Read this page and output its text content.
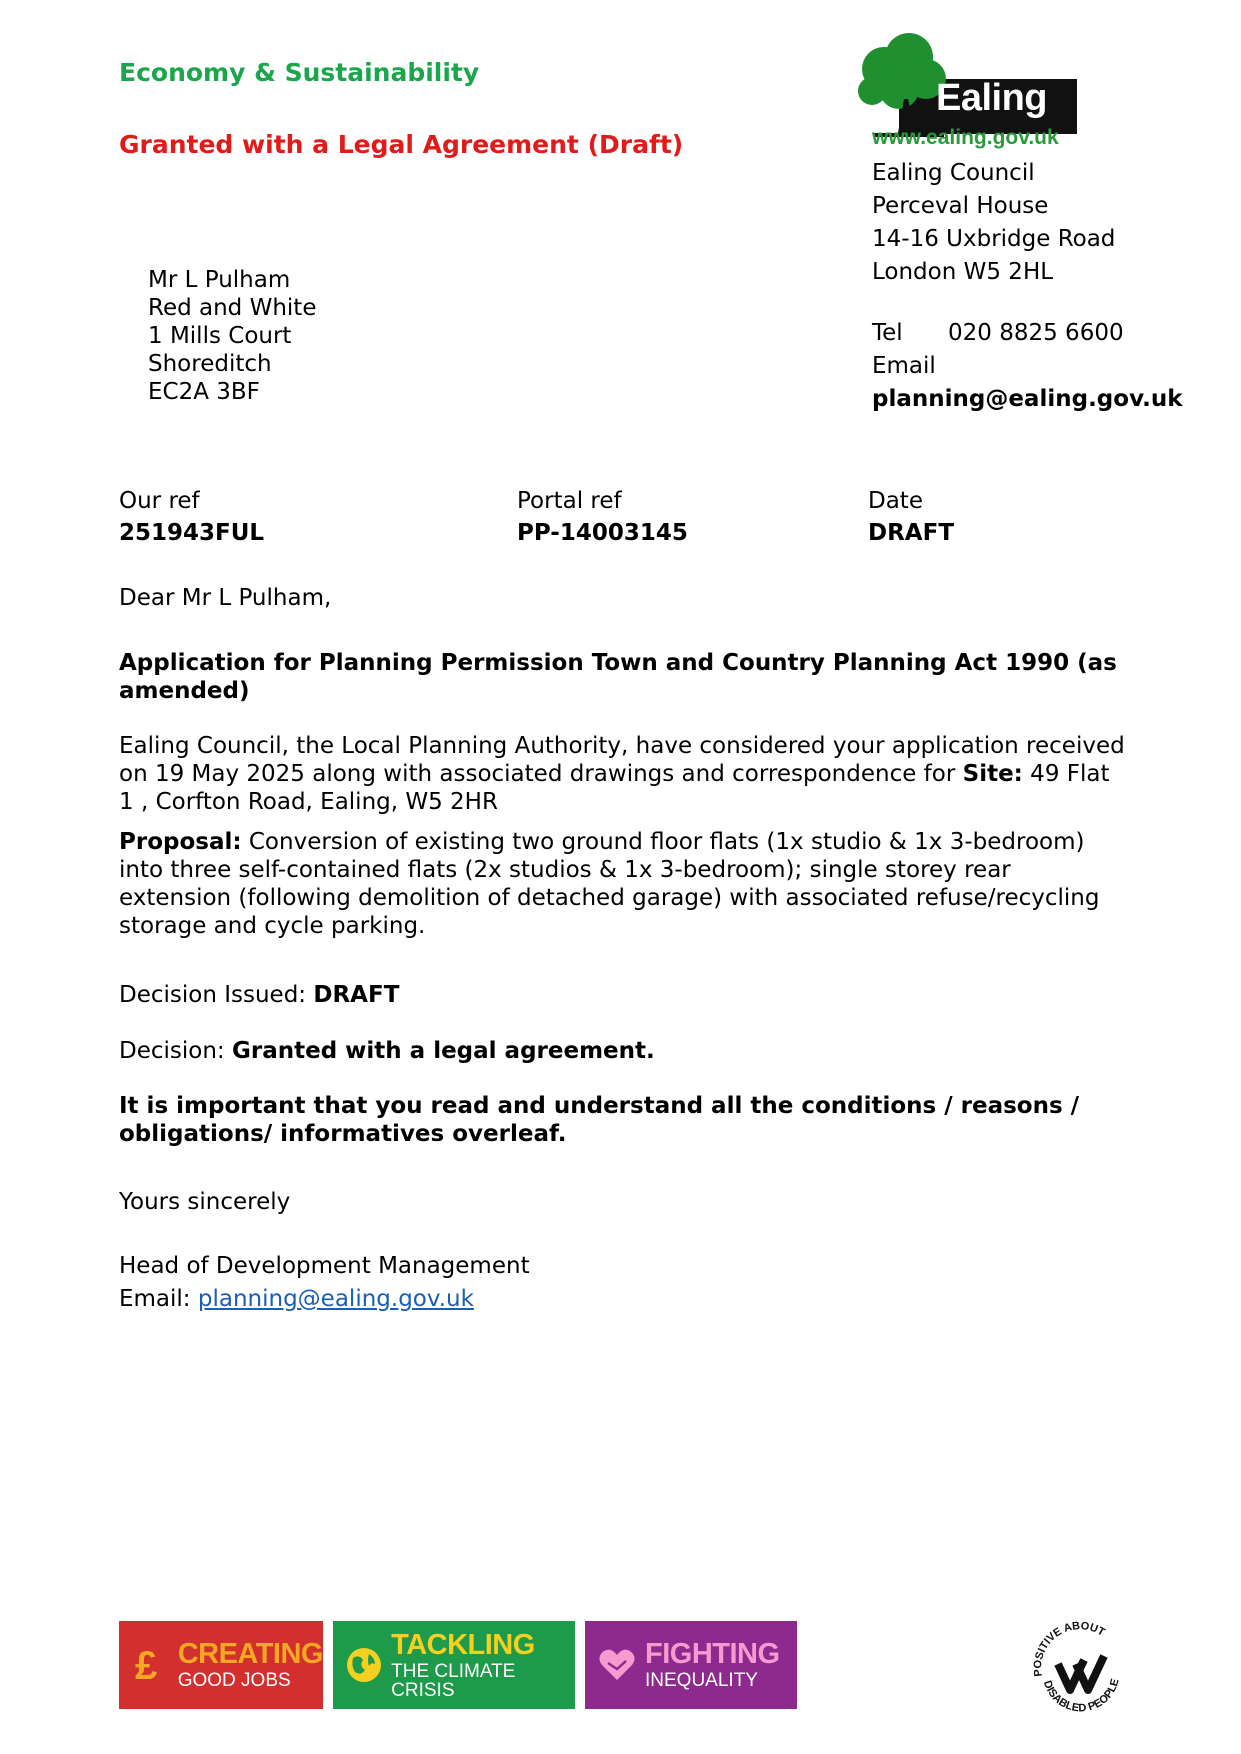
Economy & Sustainability
Granted with a Legal Agreement (Draft)
Ealing
www.ealing.gov.uk
Ealing Council
Perceval House
14-16 Uxbridge Road
London W5 2HL
Tel 020 8825 6600
Email
planning@ealing.gov.uk
Mr L Pulham
Red and White
1 Mills Court
Shoreditch
EC2A 3BF
Our ref
251943FUL
Portal ref
PP-14003145
Date
DRAFT
Dear Mr L Pulham,
Application for Planning Permission Town and Country Planning Act 1990 (as amended)
Ealing Council, the Local Planning Authority, have considered your application received
on 19 May 2025 along with associated drawings and correspondence for Site: 49 Flat
1 , Corfton Road, Ealing, W5 2HR
Proposal: Conversion of existing two ground floor flats (1x studio & 1x 3-bedroom)
into three self-contained flats (2x studios & 1x 3-bedroom); single storey rear
extension (following demolition of detached garage) with associated refuse/recycling
storage and cycle parking.
Decision Issued: DRAFT
Decision: Granted with a legal agreement.
It is important that you read and understand all the conditions / reasons /
obligations/ informatives overleaf.
Yours sincerely
Head of Development Management
Email: planning@ealing.gov.uk
£ CREATING
GOOD JOBS
TACKLING
THE CLIMATE CRISIS
FIGHTING
INEQUALITY	POSITIVE ABOUT
DISABLED PEOPLE
